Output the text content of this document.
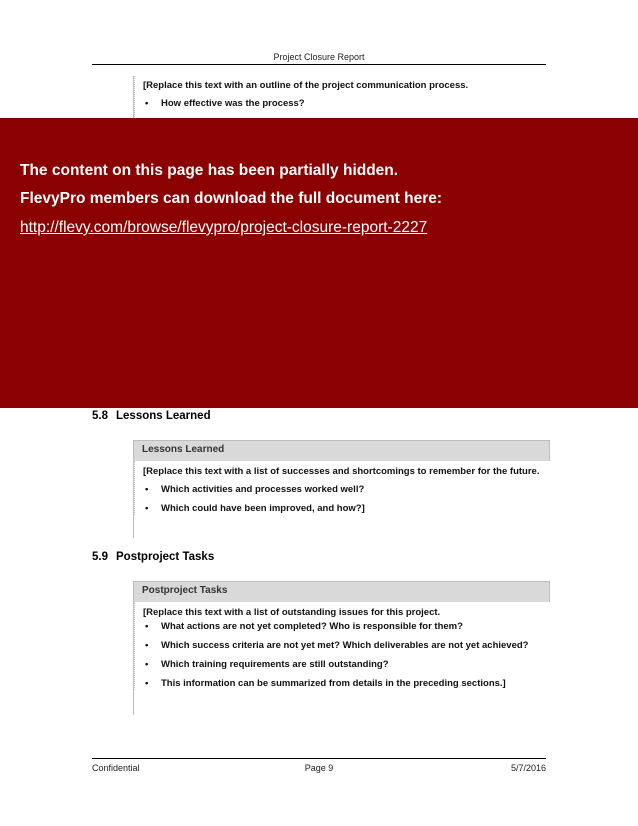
Project Closure Report
[Replace this text with an outline of the project communication process.
• How effective was the process?
The content on this page has been partially hidden.
FlevyPro members can download the full document here:
http://flevy.com/browse/flevypro/project-closure-report-2227
5.8 Lessons Learned
Lessons Learned
[Replace this text with a list of successes and shortcomings to remember for the future.
• Which activities and processes worked well?
• Which could have been improved, and how?]
5.9 Postproject Tasks
Postproject Tasks
[Replace this text with a list of outstanding issues for this project.
• What actions are not yet completed? Who is responsible for them?
• Which success criteria are not yet met? Which deliverables are not yet achieved?
• Which training requirements are still outstanding?
• This information can be summarized from details in the preceding sections.]
Confidential	Page 9	5/7/2016
